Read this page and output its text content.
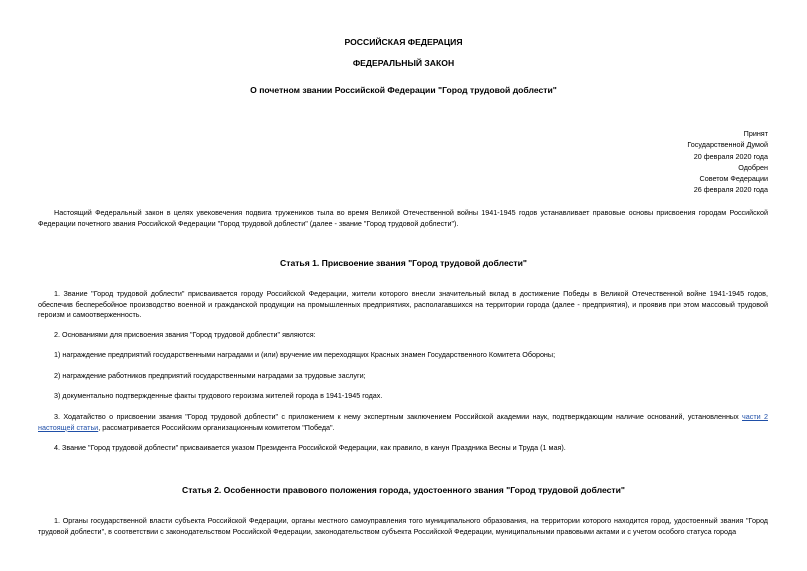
РОССИЙСКАЯ ФЕДЕРАЦИЯ
ФЕДЕРАЛЬНЫЙ ЗАКОН
О почетном звании Российской Федерации "Город трудовой доблести"
Принят
Государственной Думой
20 февраля 2020 года
Одобрен
Советом Федерации
26 февраля 2020 года
Настоящий Федеральный закон в целях увековечения подвига тружеников тыла во время Великой Отечественной войны 1941-1945 годов устанавливает правовые основы присвоения городам Российской Федерации почетного звания Российской Федерации "Город трудовой доблести" (далее - звание "Город трудовой доблести").
Статья 1. Присвоение звания "Город трудовой доблести"
1. Звание "Город трудовой доблести" присваивается городу Российской Федерации, жители которого внесли значительный вклад в достижение Победы в Великой Отечественной войне 1941-1945 годов, обеспечив бесперебойное производство военной и гражданской продукции на промышленных предприятиях, располагавшихся на территории города (далее - предприятия), и проявив при этом массовый трудовой героизм и самоотверженность.
2. Основаниями для присвоения звания "Город трудовой доблести" являются:
1) награждение предприятий государственными наградами и (или) вручение им переходящих Красных знамен Государственного Комитета Обороны;
2) награждение работников предприятий государственными наградами за трудовые заслуги;
3) документально подтвержденные факты трудового героизма жителей города в 1941-1945 годах.
3. Ходатайство о присвоении звания "Город трудовой доблести" с приложением к нему экспертным заключением Российской академии наук, подтверждающим наличие оснований, установленных части 2 настоящей статьи, рассматривается Российским организационным комитетом "Победа".
4. Звание "Город трудовой доблести" присваивается указом Президента Российской Федерации, как правило, в канун Праздника Весны и Труда (1 мая).
Статья 2. Особенности правового положения города, удостоенного звания "Город трудовой доблести"
1. Органы государственной власти субъекта Российской Федерации, органы местного самоуправления того муниципального образования, на территории которого находится город, удостоенный звания "Город трудовой доблести", в соответствии с законодательством Российской Федерации, законодательством субъекта Российской Федерации, муниципальными правовыми актами и с учетом особого статуса города
